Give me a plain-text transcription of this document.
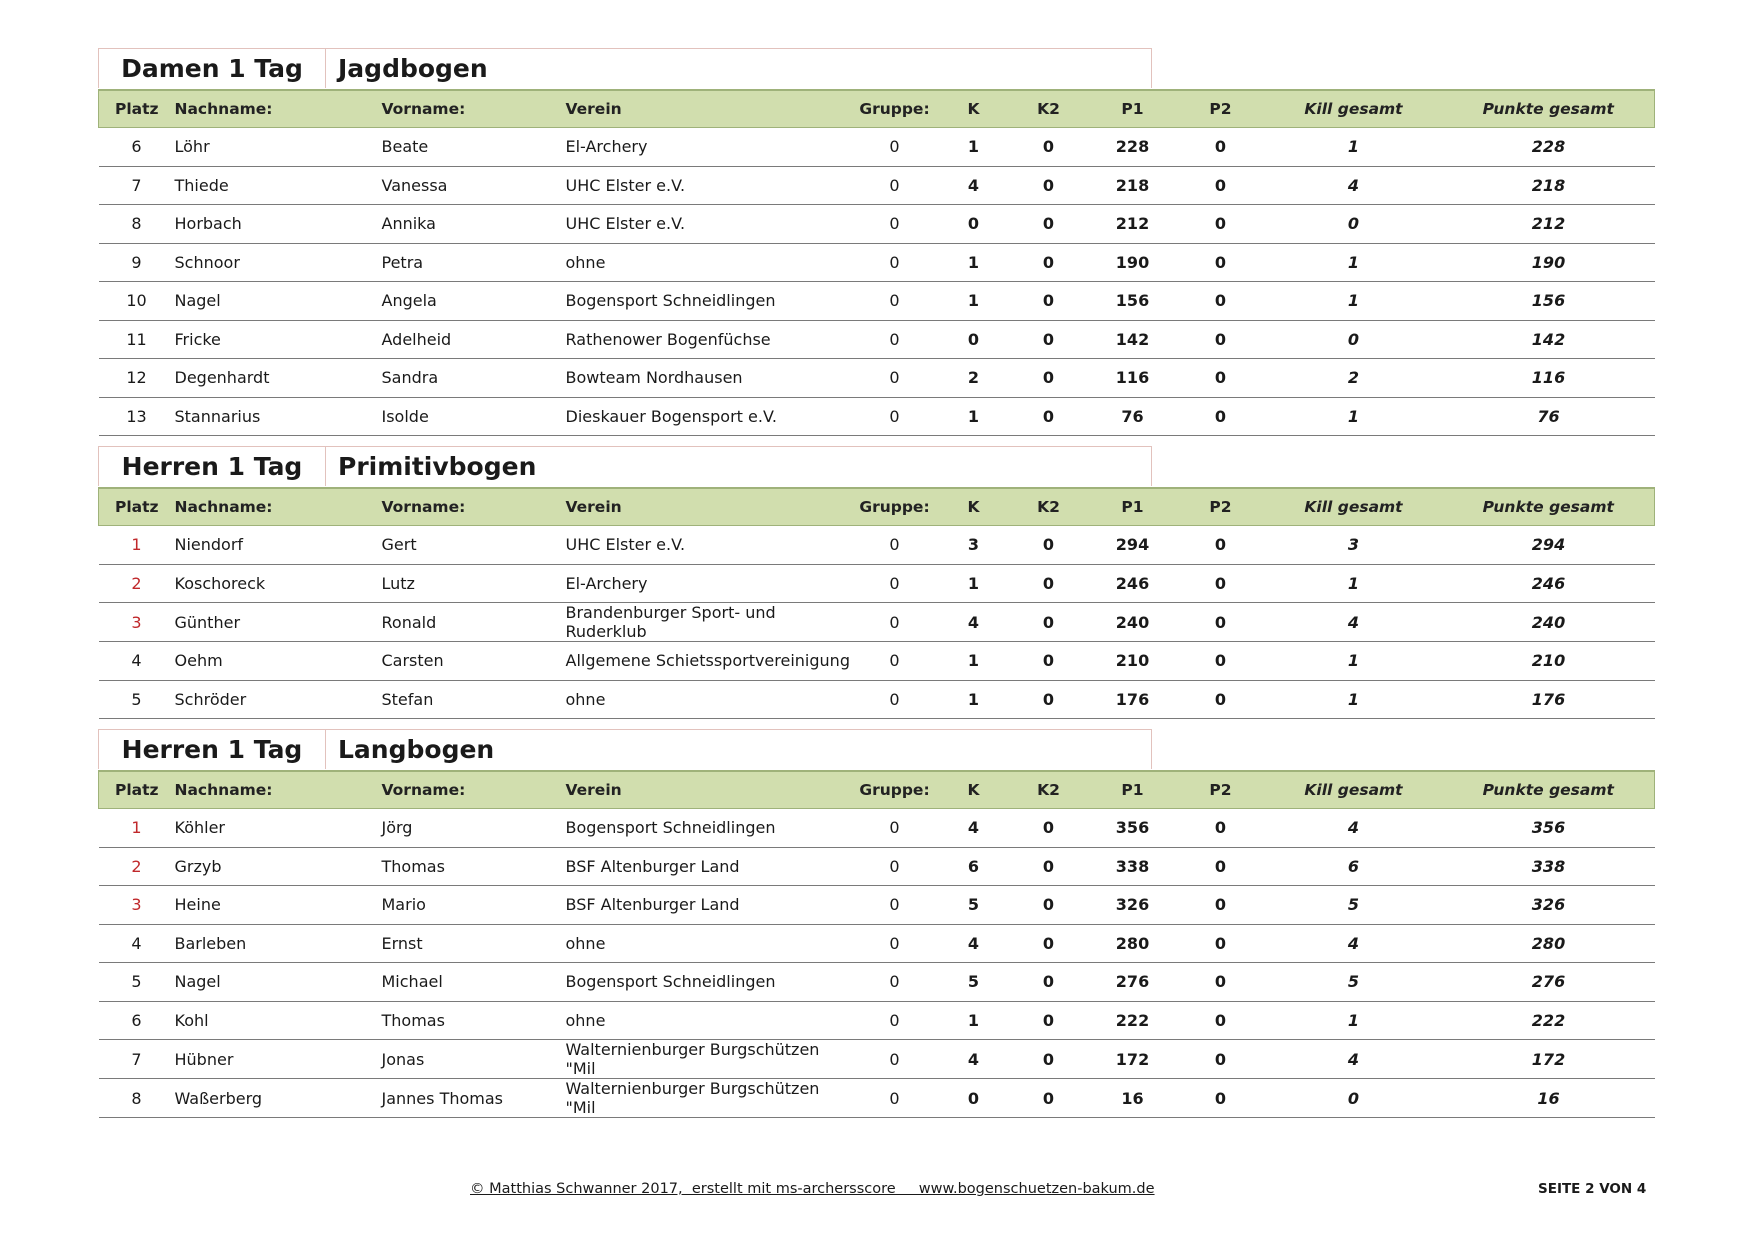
Damen 1 Tag	Jagdbogen
Platz	Nachname:	Vorname:	Verein	Gruppe:	K	K2	P1	P2	Kill gesamt	Punkte gesamt
6	Löhr	Beate	El-Archery	0	1	0	228	0	1	228
7	Thiede	Vanessa	UHC Elster e.V.	0	4	0	218	0	4	218
8	Horbach	Annika	UHC Elster e.V.	0	0	0	212	0	0	212
9	Schnoor	Petra	ohne	0	1	0	190	0	1	190
10	Nagel	Angela	Bogensport Schneidlingen	0	1	0	156	0	1	156
11	Fricke	Adelheid	Rathenower Bogenfüchse	0	0	0	142	0	0	142
12	Degenhardt	Sandra	Bowteam Nordhausen	0	2	0	116	0	2	116
13	Stannarius	Isolde	Dieskauer Bogensport e.V.	0	1	0	76	0	1	76
Herren 1 Tag	Primitivbogen
Platz	Nachname:	Vorname:	Verein	Gruppe:	K	K2	P1	P2	Kill gesamt	Punkte gesamt
1	Niendorf	Gert	UHC Elster e.V.	0	3	0	294	0	3	294
2	Koschoreck	Lutz	El-Archery	0	1	0	246	0	1	246
3	Günther	Ronald	Brandenburger Sport- und Ruderklub	0	4	0	240	0	4	240
4	Oehm	Carsten	Allgemene Schietssportvereinigung	0	1	0	210	0	1	210
5	Schröder	Stefan	ohne	0	1	0	176	0	1	176
Herren 1 Tag	Langbogen
Platz	Nachname:	Vorname:	Verein	Gruppe:	K	K2	P1	P2	Kill gesamt	Punkte gesamt
1	Köhler	Jörg	Bogensport Schneidlingen	0	4	0	356	0	4	356
2	Grzyb	Thomas	BSF Altenburger Land	0	6	0	338	0	6	338
3	Heine	Mario	BSF Altenburger Land	0	5	0	326	0	5	326
4	Barleben	Ernst	ohne	0	4	0	280	0	4	280
5	Nagel	Michael	Bogensport Schneidlingen	0	5	0	276	0	5	276
6	Kohl	Thomas	ohne	0	1	0	222	0	1	222
7	Hübner	Jonas	Walternienburger Burgschützen "Mil	0	4	0	172	0	4	172
8	Waßerberg	Jannes Thomas	Walternienburger Burgschützen "Mil	0	0	0	16	0	0	16
© Matthias Schwanner 2017,  erstellt mit ms-archersscore     www.bogenschuetzen-bakum.de	SEITE 2 VON 4
